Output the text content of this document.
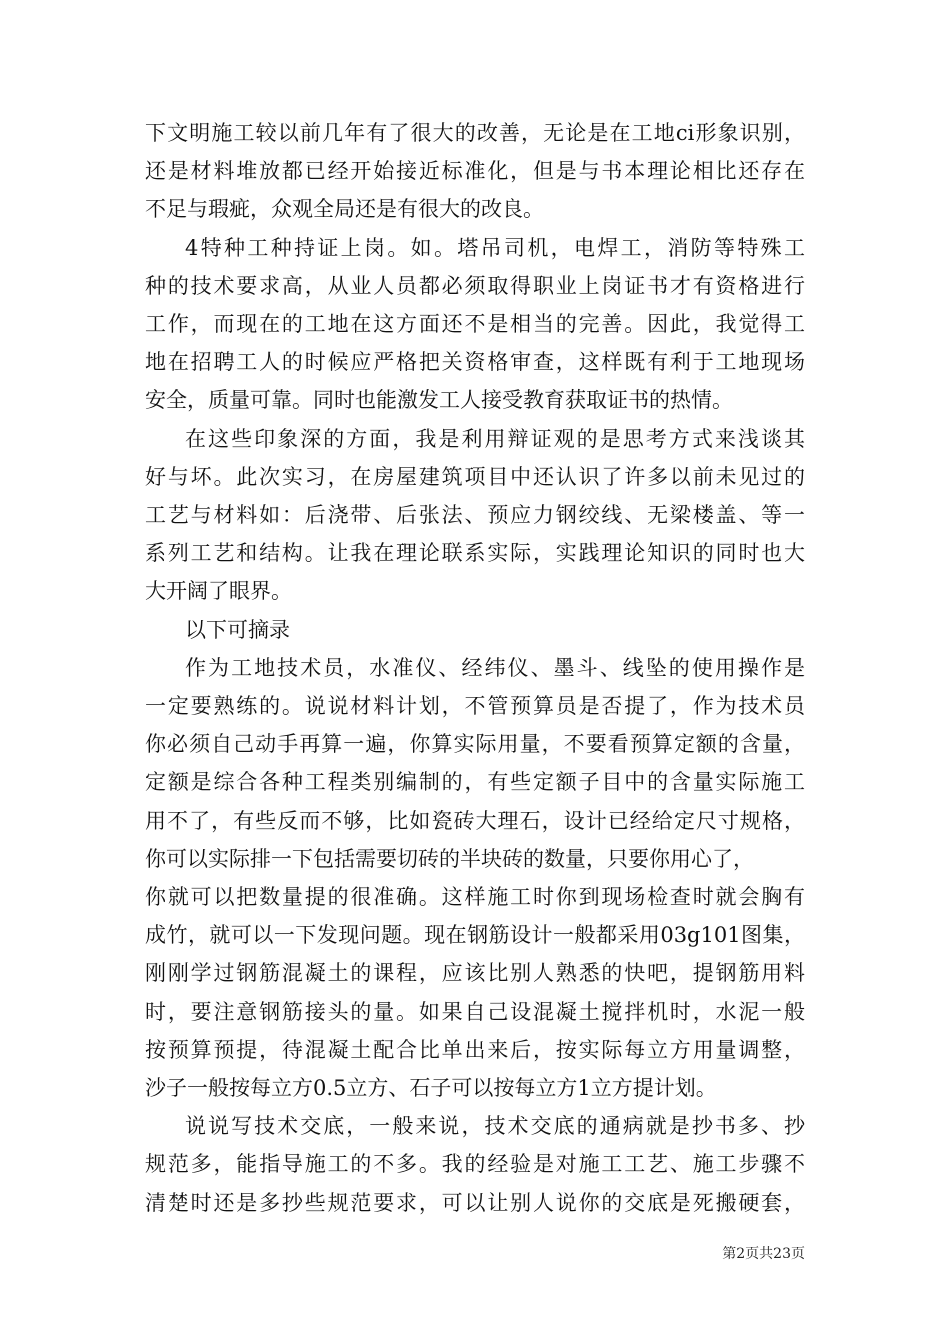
下文明施工较以前几年有了很大的改善，无论是在工地ci形象识别，
还是材料堆放都已经开始接近标准化，但是与书本理论相比还存在
不足与瑕疵，众观全局还是有很大的改良。
4特种工种持证上岗。如。塔吊司机，电焊工，消防等特殊工
种的技术要求高，从业人员都必须取得职业上岗证书才有资格进行
工作，而现在的工地在这方面还不是相当的完善。因此，我觉得工
地在招聘工人的时候应严格把关资格审查，这样既有利于工地现场
安全，质量可靠。同时也能激发工人接受教育获取证书的热情。
在这些印象深的方面，我是利用辩证观的是思考方式来浅谈其
好与坏。此次实习，在房屋建筑项目中还认识了许多以前未见过的
工艺与材料如：后浇带、后张法、预应力钢绞线、无梁楼盖、等一
系列工艺和结构。让我在理论联系实际，实践理论知识的同时也大
大开阔了眼界。
以下可摘录
作为工地技术员，水准仪、经纬仪、墨斗、线坠的使用操作是
一定要熟练的。说说材料计划，不管预算员是否提了，作为技术员
你必须自己动手再算一遍，你算实际用量，不要看预算定额的含量，
定额是综合各种工程类别编制的，有些定额子目中的含量实际施工
用不了，有些反而不够，比如瓷砖大理石，设计已经给定尺寸规格，
你可以实际排一下包括需要切砖的半块砖的数量，只要你用心了，
你就可以把数量提的很准确。这样施工时你到现场检查时就会胸有
成竹，就可以一下发现问题。现在钢筋设计一般都采用03g101图集，
刚刚学过钢筋混凝土的课程，应该比别人熟悉的快吧，提钢筋用料
时，要注意钢筋接头的量。如果自己设混凝土搅拌机时，水泥一般
按预算预提，待混凝土配合比单出来后，按实际每立方用量调整，
沙子一般按每立方0.5立方、石子可以按每立方1立方提计划。
说说写技术交底，一般来说，技术交底的通病就是抄书多、抄
规范多，能指导施工的不多。我的经验是对施工工艺、施工步骤不
清楚时还是多抄些规范要求，可以让别人说你的交底是死搬硬套，
第2页共23页
